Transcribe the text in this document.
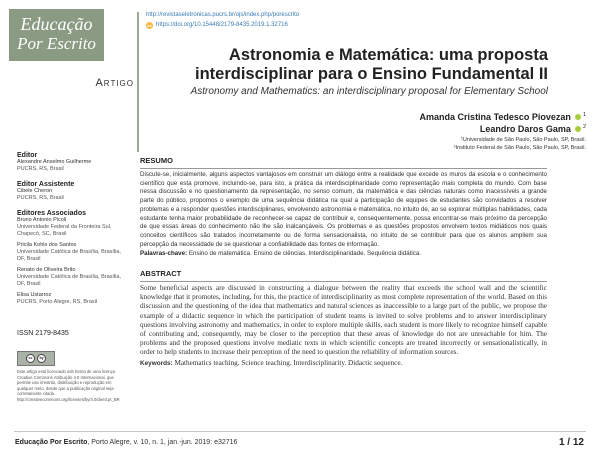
Educação
Por Escrito
Artigo
http://revistaseletronicas.pucrs.br/ojs/index.php/porescrito
doi https://doi.org/10.15448/2179-8435.2019.1.32716
Astronomia e Matemática: uma proposta interdisciplinar para o Ensino Fundamental II
Astronomy and Mathematics: an interdisciplinary proposal for Elementary School
Amanda Cristina Tedesco Piovezan 1
Leandro Daros Gama 2
¹Universidade de São Paulo, São Paulo, SP, Brasil.
²Instituto Federal de São Paulo, São Paulo, SP, Brasil.
Editor
Alexandre Anselmo Guilherme
PUCRS, RS, Brasil
Editor Assistente
Cibele Cheron
PUCRS, RS, Brasil
Editores Associados
Bruno Antonio Picoli
Universidade Federal da Fronteira Sul, Chapecó, SC, Brasil
Pricila Kohls dos Santos
Universidade Católica de Brasília, Brasília, DF, Brasil
Renato de Oliveira Brito
Universidade Católica de Brasília, Brasília, DF, Brasil
Elisa Ustarroz
PUCRS, Porto Alegre, RS, Brasil
ISSN 2179-8435
cc	by
Este artigo está licenciado sob forma de uma licença Creative Commons Atribuição 4.0 Internacional, que permite uso irrestrito, distribuição e reprodução em qualquer meio, desde que a publicação original seja corretamente citada. http://creativecommons.org/licenses/by/4.0/deed.pt_BR
RESUMO

Discute-se, inicialmente, alguns aspectos vantajosos em construir um diálogo entre a realidade que excede os muros da escola e o conhecimento científico que esta promove, incluindo-se, para isto, a prática da interdisciplinaridade como representação mais completa do mundo. Com base nessa discussão e no questionamento da representação, no senso comum, da matemática e das ciências naturais como inacessíveis a grande parte do público, propomos o exemplo de uma sequência didática na qual a participação de equipes de estudantes são convidados a resolver problemas e a responder questões interdisciplinares, envolvendo astronomia e matemática, no intuito de, ao se explorar múltiplas habilidades, cada estudante tenha maior probabilidade de reconhecer-se capaz de contribuir e, consequentemente, possa encontrar-se mais próximo da percepção de que essas áreas do conhecimento não lhe são inalcançáveis. Os problemas e as questões propostos envolvem textos midiáticos nos quais conceitos científicos são tratados incorretamente ou de forma sensacionalista, no intuito de se contribuir para que os alunos ampliem sua percepção da necessidade de se questionar a confiabilidade das fontes de informação.

Palavras-chave: Ensino de matemática. Ensino de ciências. Interdisciplinaridade. Sequência didática.

ABSTRACT

Some beneficial aspects are discussed in constructing a dialogue between the reality that exceeds the school wall and the scientific knowledge that it promotes, including, for this, the practice of interdisciplinarity as most complete representation of the world. Based on this discussion and the questioning of the idea that mathematics and natural sciences as inaccessible to a large part of the public, we propose the example of a didactic sequence in which the participation of student teams is invited to solve problems and to answer interdisciplinary questions involving astronomy and mathematics, in order to explore multiple skills, each student is more likely to recognize himself capable of contributing and, consequently, may be closer to the perception that these areas of knowledge do not are unreachable for him. The problems and the proposed questions involve mediatic texts in which scientific concepts are treated incorrectly or sensationalistically, in order to help students to increase their perception of the need to question the reliability of information sources.

Keywords: Mathematics teaching. Science teaching. Interdisciplinarity. Didactic sequence.

Educação Por Escrito, Porto Alegre, v. 10, n. 1, jan.-jun. 2019: e32716	1 / 12
